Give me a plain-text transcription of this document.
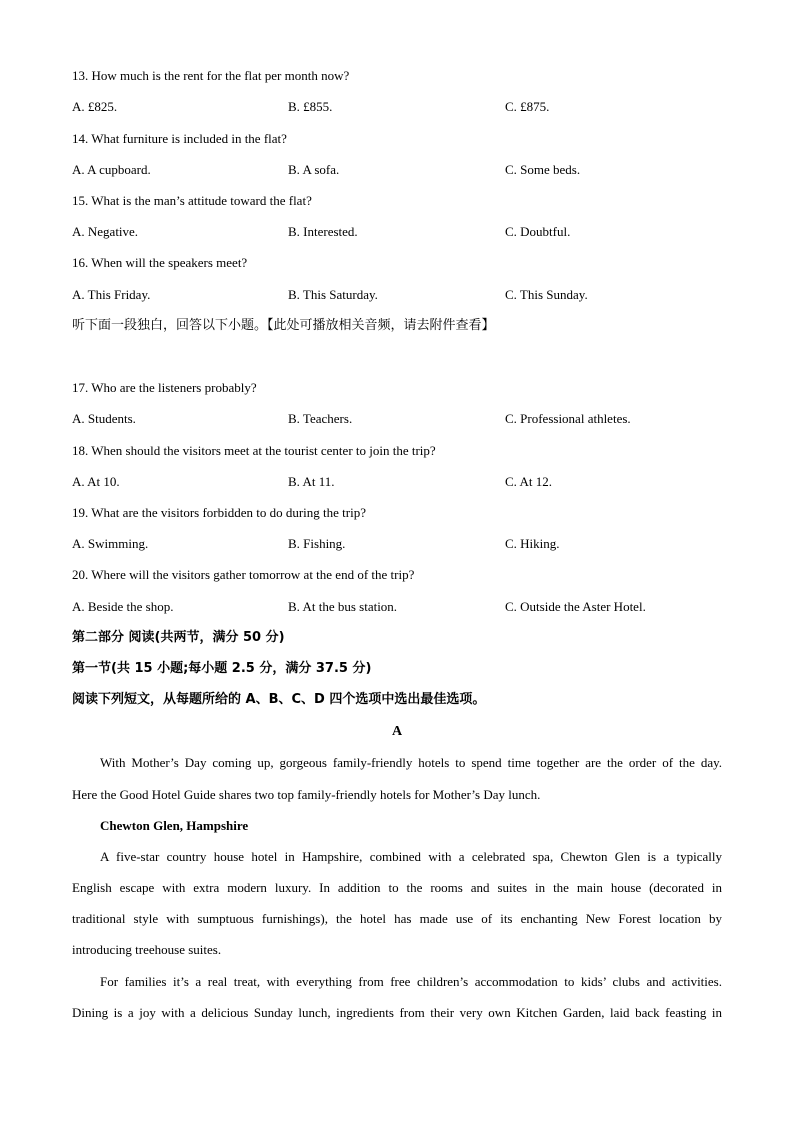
13. How much is the rent for the flat per month now?
A. £825.	B. £855.	C. £875.
14. What furniture is included in the flat?
A. A cupboard.	B. A sofa.	C. Some beds.
15. What is the man’s attitude toward the flat?
A. Negative.	B. Interested.	C. Doubtful.
16. When will the speakers meet?
A. This Friday.	B. This Saturday.	C. This Sunday.
听下面一段独白，回答以下小题。【此处可播放相关音频，请去附件查看】
17. Who are the listeners probably?
A. Students.	B. Teachers.	C. Professional athletes.
18. When should the visitors meet at the tourist center to join the trip?
A. At 10.	B. At 11.	C. At 12.
19. What are the visitors forbidden to do during the trip?
A. Swimming.	B. Fishing.	C. Hiking.
20. Where will the visitors gather tomorrow at the end of the trip?
A. Beside the shop.	B. At the bus station.	C. Outside the Aster Hotel.
第二部分 阅读(共两节，满分 50 分)
第一节(共 15 小题;每小题 2.5 分，满分 37.5 分)
阅读下列短文，从每题所给的 A、B、C、D 四个选项中选出最佳选项。
A
With Mother’s Day coming up, gorgeous family-friendly hotels to spend time together are the order of the day.
Here the Good Hotel Guide shares two top family-friendly hotels for Mother’s Day lunch.
Chewton Glen, Hampshire
A five-star country house hotel in Hampshire, combined with a celebrated spa, Chewton Glen is a typically
English escape with extra modern luxury. In addition to the rooms and suites in the main house (decorated in
traditional style with sumptuous furnishings), the hotel has made use of its enchanting New Forest location by
introducing treehouse suites.
For families it’s a real treat, with everything from free children’s accommodation to kids’ clubs and activities.
Dining is a joy with a delicious Sunday lunch, ingredients from their very own Kitchen Garden, laid back feasting in
